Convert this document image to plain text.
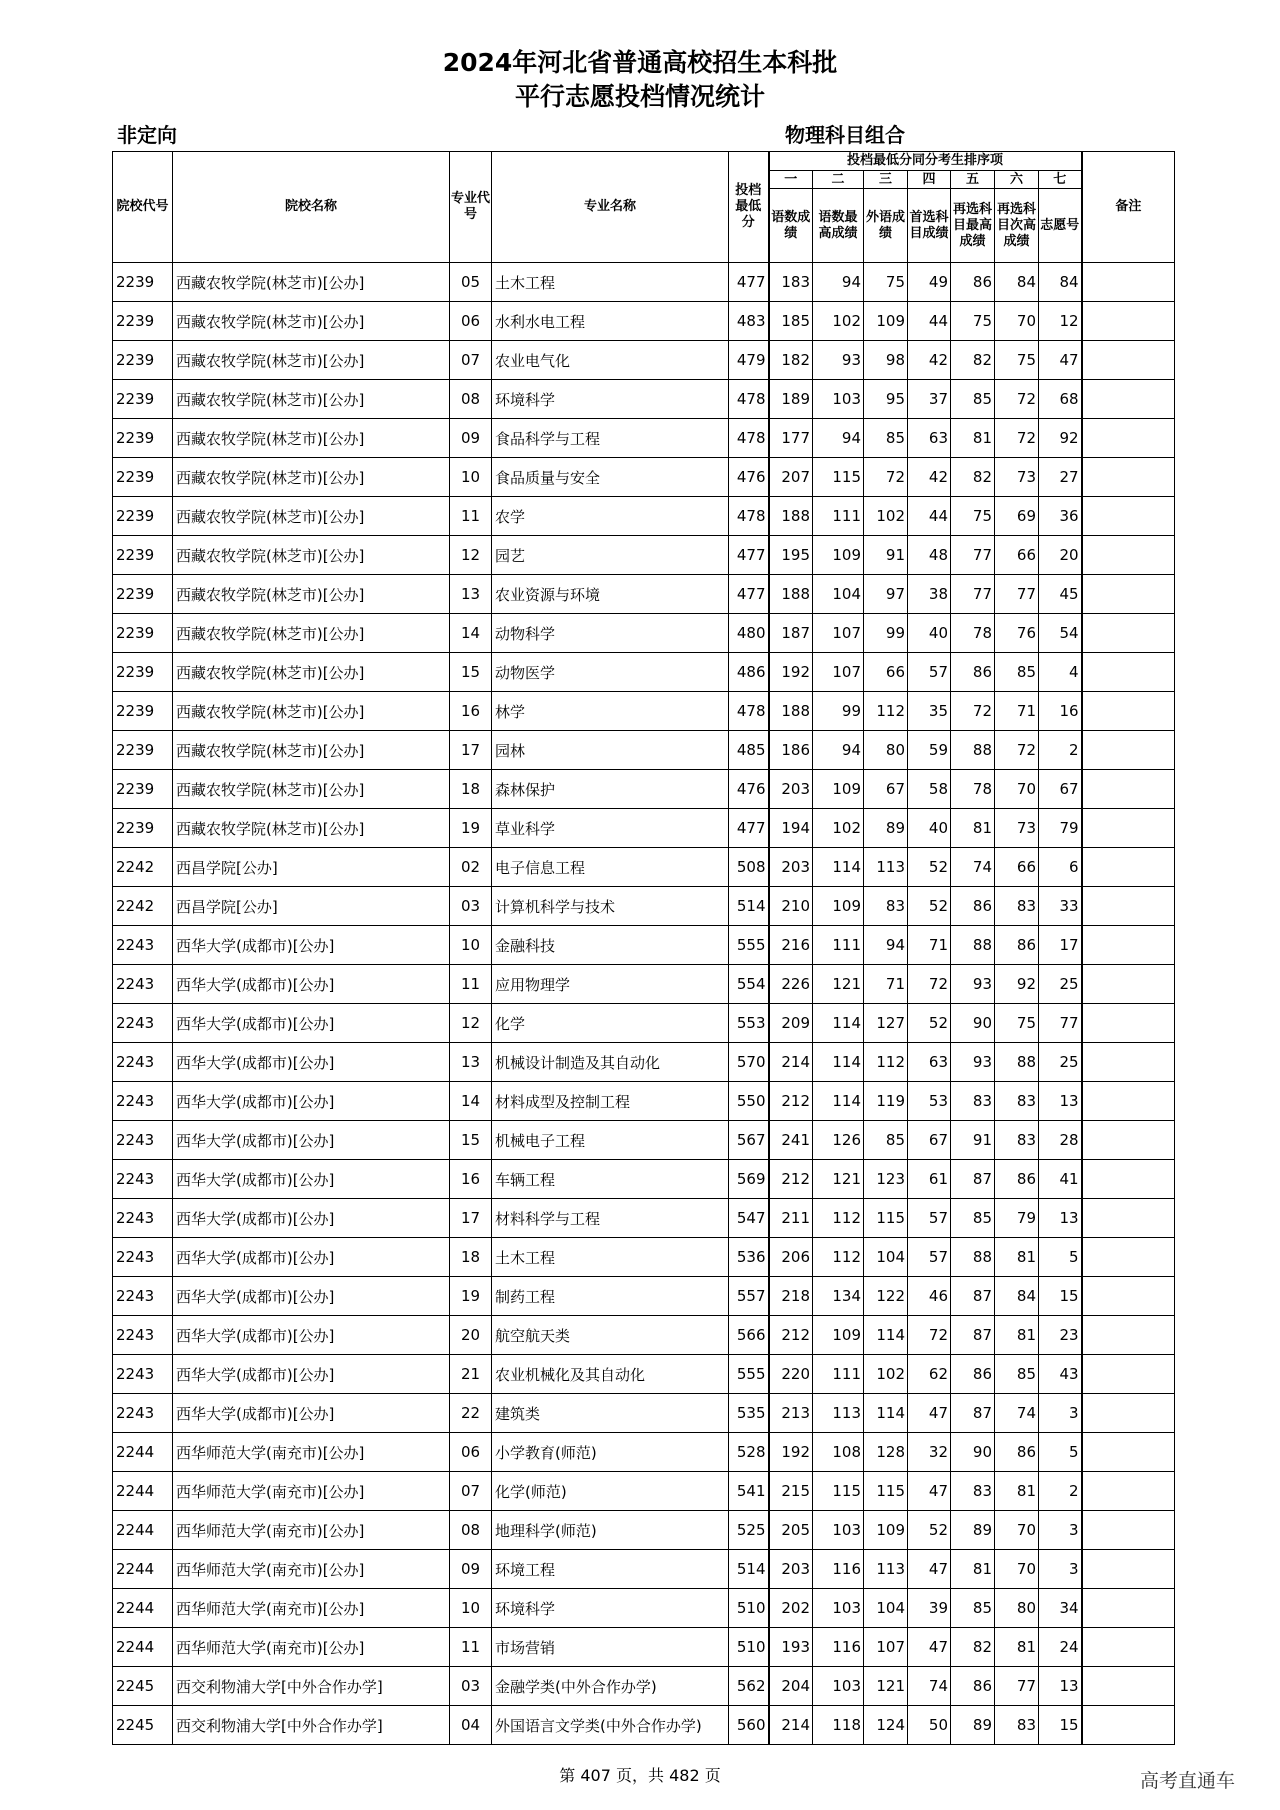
2024年河北省普通高校招生本科批
平行志愿投档情况统计
非定向	物理科目组合
院校代号	院校名称	专业代号	专业名称	投档最低分	投档最低分同分考生排序项							备注
					一	二	三	四	五	六	七	
					语数成绩	语数最高成绩	外语成绩	首选科目成绩	再选科目最高成绩	再选科目次高成绩	志愿号	
2239	西藏农牧学院(林芝市)[公办]	05	土木工程	477	183	94	75	49	86	84	84	
2239	西藏农牧学院(林芝市)[公办]	06	水利水电工程	483	185	102	109	44	75	70	12	
2239	西藏农牧学院(林芝市)[公办]	07	农业电气化	479	182	93	98	42	82	75	47	
2239	西藏农牧学院(林芝市)[公办]	08	环境科学	478	189	103	95	37	85	72	68	
2239	西藏农牧学院(林芝市)[公办]	09	食品科学与工程	478	177	94	85	63	81	72	92	
2239	西藏农牧学院(林芝市)[公办]	10	食品质量与安全	476	207	115	72	42	82	73	27	
2239	西藏农牧学院(林芝市)[公办]	11	农学	478	188	111	102	44	75	69	36	
2239	西藏农牧学院(林芝市)[公办]	12	园艺	477	195	109	91	48	77	66	20	
2239	西藏农牧学院(林芝市)[公办]	13	农业资源与环境	477	188	104	97	38	77	77	45	
2239	西藏农牧学院(林芝市)[公办]	14	动物科学	480	187	107	99	40	78	76	54	
2239	西藏农牧学院(林芝市)[公办]	15	动物医学	486	192	107	66	57	86	85	4	
2239	西藏农牧学院(林芝市)[公办]	16	林学	478	188	99	112	35	72	71	16	
2239	西藏农牧学院(林芝市)[公办]	17	园林	485	186	94	80	59	88	72	2	
2239	西藏农牧学院(林芝市)[公办]	18	森林保护	476	203	109	67	58	78	70	67	
2239	西藏农牧学院(林芝市)[公办]	19	草业科学	477	194	102	89	40	81	73	79	
2242	西昌学院[公办]	02	电子信息工程	508	203	114	113	52	74	66	6	
2242	西昌学院[公办]	03	计算机科学与技术	514	210	109	83	52	86	83	33	
2243	西华大学(成都市)[公办]	10	金融科技	555	216	111	94	71	88	86	17	
2243	西华大学(成都市)[公办]	11	应用物理学	554	226	121	71	72	93	92	25	
2243	西华大学(成都市)[公办]	12	化学	553	209	114	127	52	90	75	77	
2243	西华大学(成都市)[公办]	13	机械设计制造及其自动化	570	214	114	112	63	93	88	25	
2243	西华大学(成都市)[公办]	14	材料成型及控制工程	550	212	114	119	53	83	83	13	
2243	西华大学(成都市)[公办]	15	机械电子工程	567	241	126	85	67	91	83	28	
2243	西华大学(成都市)[公办]	16	车辆工程	569	212	121	123	61	87	86	41	
2243	西华大学(成都市)[公办]	17	材料科学与工程	547	211	112	115	57	85	79	13	
2243	西华大学(成都市)[公办]	18	土木工程	536	206	112	104	57	88	81	5	
2243	西华大学(成都市)[公办]	19	制药工程	557	218	134	122	46	87	84	15	
2243	西华大学(成都市)[公办]	20	航空航天类	566	212	109	114	72	87	81	23	
2243	西华大学(成都市)[公办]	21	农业机械化及其自动化	555	220	111	102	62	86	85	43	
2243	西华大学(成都市)[公办]	22	建筑类	535	213	113	114	47	87	74	3	
2244	西华师范大学(南充市)[公办]	06	小学教育(师范)	528	192	108	128	32	90	86	5	
2244	西华师范大学(南充市)[公办]	07	化学(师范)	541	215	115	115	47	83	81	2	
2244	西华师范大学(南充市)[公办]	08	地理科学(师范)	525	205	103	109	52	89	70	3	
2244	西华师范大学(南充市)[公办]	09	环境工程	514	203	116	113	47	81	70	3	
2244	西华师范大学(南充市)[公办]	10	环境科学	510	202	103	104	39	85	80	34	
2244	西华师范大学(南充市)[公办]	11	市场营销	510	193	116	107	47	82	81	24	
2245	西交利物浦大学[中外合作办学]	03	金融学类(中外合作办学)	562	204	103	121	74	86	77	13	
2245	西交利物浦大学[中外合作办学]	04	外国语言文学类(中外合作办学)	560	214	118	124	50	89	83	15	
第 407 页，共 482 页	高考直通车
